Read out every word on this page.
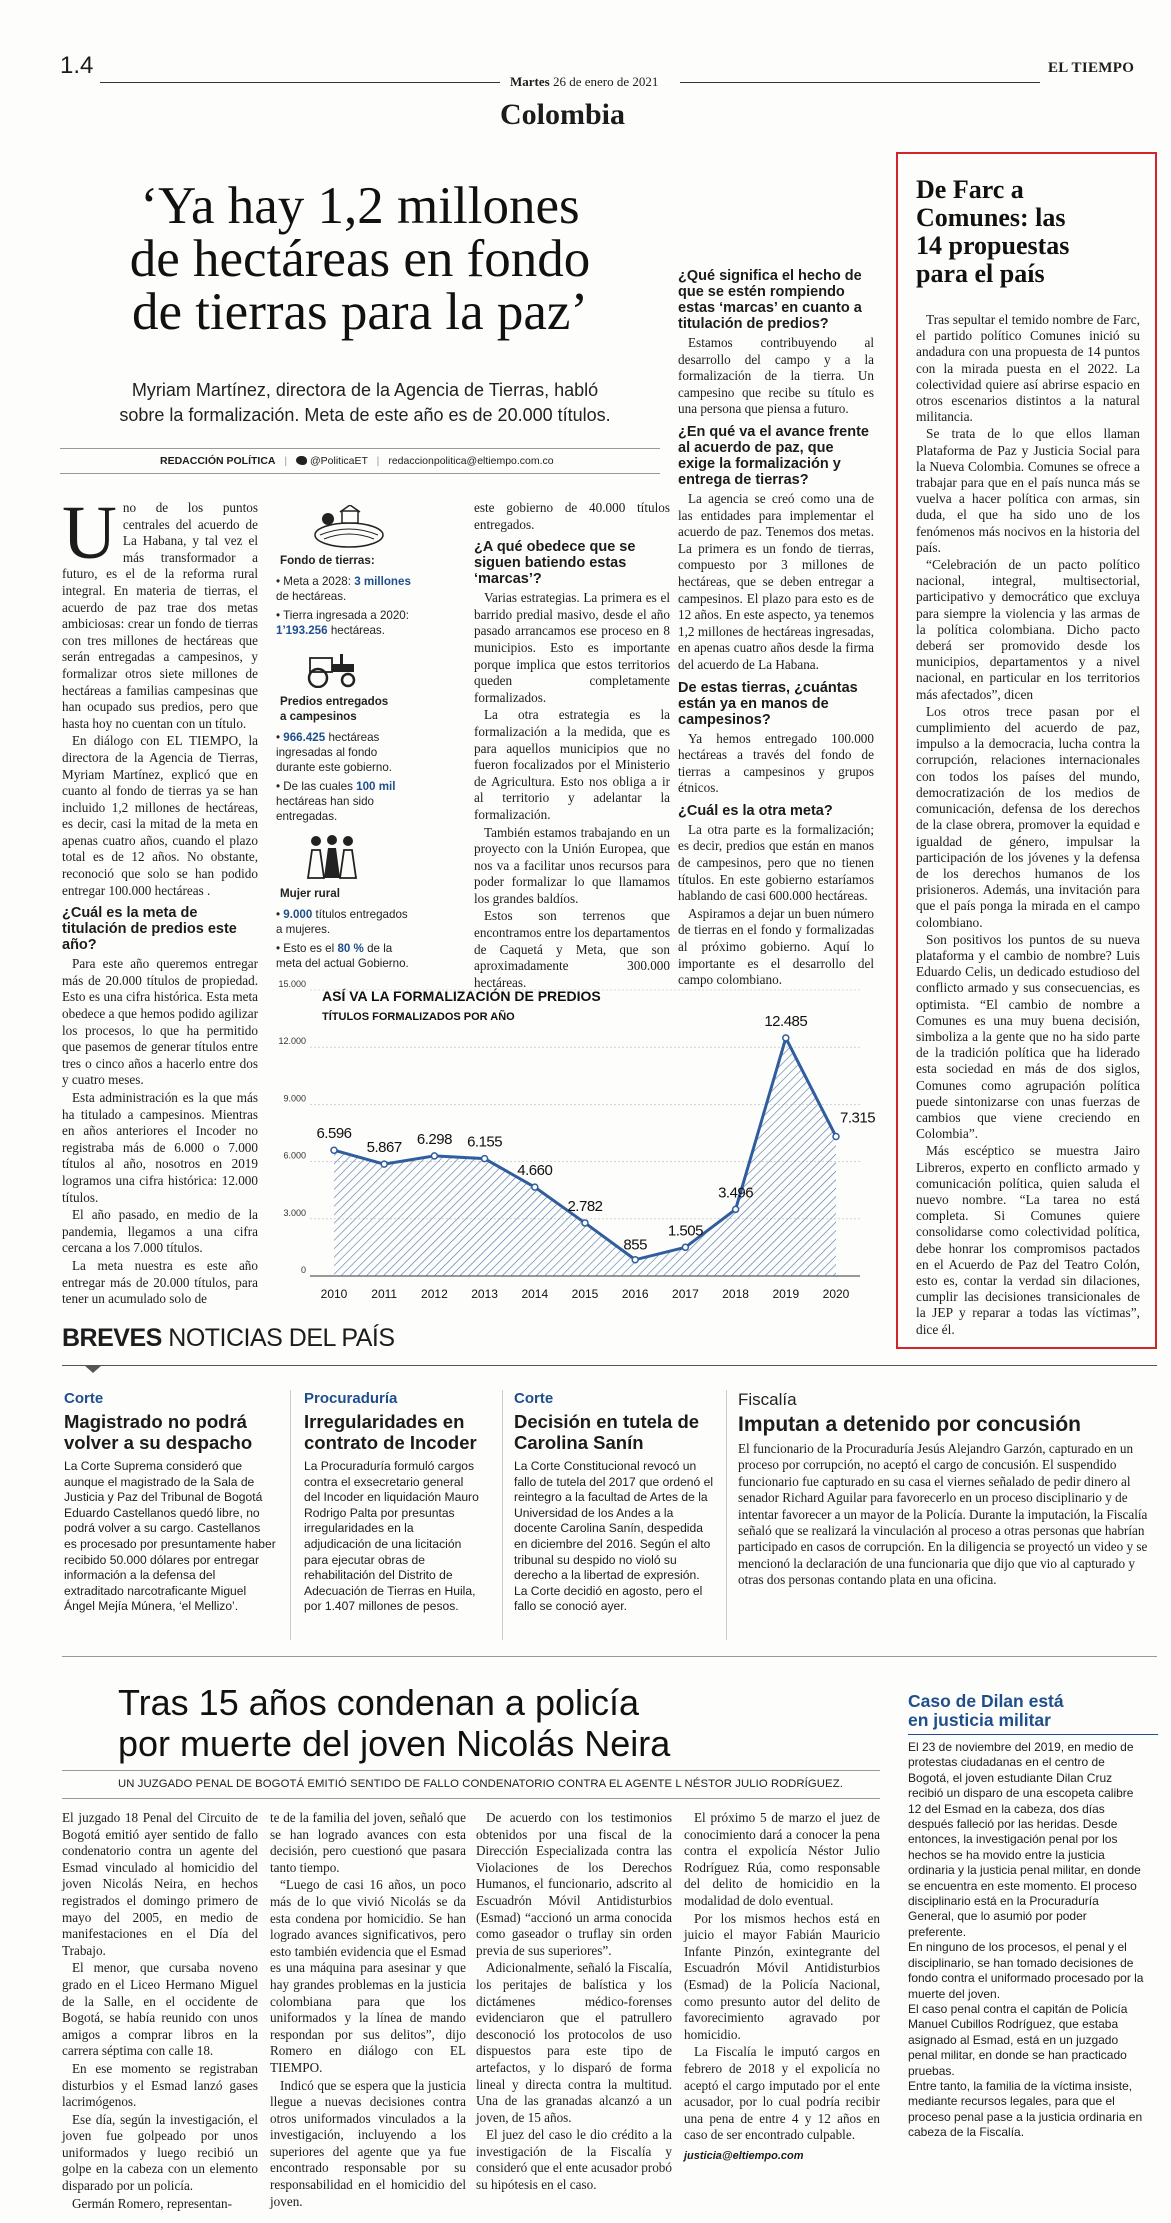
1.4
Martes 26 de enero de 2021
EL TIEMPO
Colombia
‘Ya hay 1,2 millones
de hectáreas en fondo
de tierras para la paz’
Myriam Martínez, directora de la Agencia de Tierras, habló
sobre la formalización. Meta de este año es de 20.000 títulos.
REDACCIÓN POLÍTICA | @PoliticaET | redaccionpolitica@eltiempo.com.co
U no de los puntos centrales del acuerdo de La Habana, y tal vez el más transformador a futuro, es el de la reforma rural integral. En materia de tierras, el acuerdo de paz trae dos metas ambiciosas: crear un fondo de tierras con tres millones de hectáreas que serán entregadas a campesinos, y formalizar otros siete millones de hectáreas a familias campesinas que han ocupado sus predios, pero que hasta hoy no cuentan con un título.

En diálogo con EL TIEMPO, la directora de la Agencia de Tierras, Myriam Martínez, explicó que en cuanto al fondo de tierras ya se han incluido 1,2 millones de hectáreas, es decir, casi la mitad de la meta en apenas cuatro años, cuando el plazo total es de 12 años. No obstante, reconoció que solo se han podido entregar 100.000 hectáreas .

¿Cuál es la meta de titulación de predios este año?

Para este año queremos entregar más de 20.000 títulos de propiedad. Esto es una cifra histórica. Esta meta obedece a que hemos podido agilizar los procesos, lo que ha permitido que pasemos de generar títulos entre tres o cinco años a hacerlo entre dos y cuatro meses.

Esta administración es la que más ha titulado a campesinos. Mientras en años anteriores el Incoder no registraba más de 6.000 o 7.000 títulos al año, nosotros en 2019 logramos una cifra histórica: 12.000 títulos.

El año pasado, en medio de la pandemia, llegamos a una cifra cercana a los 7.000 títulos.

La meta nuestra es este año entregar más de 20.000 títulos, para tener un acumulado solo de

Fondo de tierras:
• Meta a 2028: 3 millones de hectáreas.
• Tierra ingresada a 2020: 1’193.256 hectáreas.
Predios entregados
a campesinos
• 966.425 hectáreas ingresadas al fondo durante este gobierno.
• De las cuales 100 mil hectáreas han sido entregadas.
Mujer rural
• 9.000 títulos entregados a mujeres.
• Esto es el 80 % de la meta del actual Gobierno.

este gobierno de 40.000 títulos entregados.

¿A qué obedece que se siguen batiendo estas ‘marcas’?

Varias estrategias. La primera es el barrido predial masivo, desde el año pasado arrancamos ese proceso en 8 municipios. Esto es importante porque implica que estos territorios queden completamente formalizados.

La otra estrategia es la formalización a la medida, que es para aquellos municipios que no fueron focalizados por el Ministerio de Agricultura. Esto nos obliga a ir al territorio y adelantar la formalización.

También estamos trabajando en un proyecto con la Unión Europea, que nos va a facilitar unos recursos para poder formalizar lo que llamamos los grandes baldíos.

Estos son terrenos que encontramos entre los departamentos de Caquetá y Meta, que son aproximadamente 300.000 hectáreas.

¿Qué significa el hecho de que se estén rompiendo estas ‘marcas’ en cuanto a titulación de predios?

Estamos contribuyendo al desarrollo del campo y a la formalización de la tierra. Un campesino que recibe su título es una persona que piensa a futuro.

¿En qué va el avance frente al acuerdo de paz, que exige la formalización y entrega de tierras?

La agencia se creó como una de las entidades para implementar el acuerdo de paz. Tenemos dos metas. La primera es un fondo de tierras, compuesto por 3 millones de hectáreas, que se deben entregar a campesinos. El plazo para esto es de 12 años. En este aspecto, ya tenemos 1,2 millones de hectáreas ingresadas, en apenas cuatro años desde la firma del acuerdo de La Habana.

De estas tierras, ¿cuántas están ya en manos de campesinos?

Ya hemos entregado 100.000 hectáreas a través del fondo de tierras a campesinos y grupos étnicos.

¿Cuál es la otra meta?

La otra parte es la formalización; es decir, predios que están en manos de campesinos, pero que no tienen títulos. En este gobierno estaríamos hablando de casi 600.000 hectáreas.

Aspiramos a dejar un buen número de tierras en el fondo y formalizadas al próximo gobierno. Aquí lo importante es el desarrollo del campo colombiano.

0
3.000
6.000
9.000
12.000
15.000
6.596
2010
5.867
2011
6.298
2012
6.155
2013
4.660
2014
2.782
2015
855
2016
1.505
2017
3.496
2018
12.485
2019
7.315
2020
ASÍ VA LA FORMALIZACIÓN DE PREDIOS
TÍTULOS FORMALIZADOS POR AÑO
De Farc a
Comunes: las
14 propuestas
para el país

Tras sepultar el temido nombre de Farc, el partido político Comunes inició su andadura con una propuesta de 14 puntos con la mirada puesta en el 2022. La colectividad quiere así abrirse espacio en otros escenarios distintos a la natural militancia.

Se trata de lo que ellos llaman Plataforma de Paz y Justicia Social para la Nueva Colombia. Comunes se ofrece a trabajar para que en el país nunca más se vuelva a hacer política con armas, sin duda, el que ha sido uno de los fenómenos más nocivos en la historia del país.

“Celebración de un pacto político nacional, integral, multisectorial, participativo y democrático que excluya para siempre la violencia y las armas de la política colombiana. Dicho pacto deberá ser promovido desde los municipios, departamentos y a nivel nacional, en particular en los territorios más afectados”, dicen

Los otros trece pasan por el cumplimiento del acuerdo de paz, impulso a la democracia, lucha contra la corrupción, relaciones internacionales con todos los países del mundo, democratización de los medios de comunicación, defensa de los derechos de la clase obrera, promover la equidad e igualdad de género, impulsar la participación de los jóvenes y la defensa de los derechos humanos de los prisioneros. Además, una invitación para que el país ponga la mirada en el campo colombiano.

Son positivos los puntos de su nueva plataforma y el cambio de nombre? Luis Eduardo Celis, un dedicado estudioso del conflicto armado y sus consecuencias, es optimista. “El cambio de nombre a Comunes es una muy buena decisión, simboliza a la gente que no ha sido parte de la tradición política que ha liderado esta sociedad en más de dos siglos, Comunes como agrupación política puede sintonizarse con unas fuerzas de cambios que viene creciendo en Colombia”.

Más escéptico se muestra Jairo Libreros, experto en conflicto armado y comunicación política, quien saluda el nuevo nombre. “La tarea no está completa. Si Comunes quiere consolidarse como colectividad política, debe honrar los compromisos pactados en el Acuerdo de Paz del Teatro Colón, esto es, contar la verdad sin dilaciones, cumplir las decisiones transicionales de la JEP y reparar a todas las víctimas”, dice él.

BREVES NOTICIAS DEL PAÍS
Corte
Magistrado no podrá volver a su despacho

La Corte Suprema consideró que aunque el magistrado de la Sala de Justicia y Paz del Tribunal de Bogotá Eduardo Castellanos quedó libre, no podrá volver a su cargo. Castellanos es procesado por presuntamente haber recibido 50.000 dólares por entregar información a la defensa del extraditado narcotraficante Miguel Ángel Mejía Múnera, ‘el Mellizo’.

Procuraduría
Irregularidades en contrato de Incoder

La Procuraduría formuló cargos contra el exsecretario general del Incoder en liquidación Mauro Rodrigo Palta por presuntas irregularidades en la adjudicación de una licitación para ejecutar obras de rehabilitación del Distrito de Adecuación de Tierras en Huila, por 1.407 millones de pesos.

Corte
Decisión en tutela de Carolina Sanín

La Corte Constitucional revocó un fallo de tutela del 2017 que ordenó el reintegro a la facultad de Artes de la Universidad de los Andes a la docente Carolina Sanín, despedida en diciembre del 2016. Según el alto tribunal su despido no violó su derecho a la libertad de expresión. La Corte decidió en agosto, pero el fallo se conoció ayer.

Fiscalía
Imputan a detenido por concusión

El funcionario de la Procuraduría Jesús Alejandro Garzón, capturado en un proceso por corrupción, no aceptó el cargo de concusión. El suspendido funcionario fue capturado en su casa el viernes señalado de pedir dinero al senador Richard Aguilar para favorecerlo en un proceso disciplinario y de intentar favorecer a un mayor de la Policía. Durante la imputación, la Fiscalía señaló que se realizará la vinculación al proceso a otras personas que habrían participado en casos de corrupción. En la diligencia se proyectó un video y se mencionó la declaración de una funcionaria que dijo que vio al capturado y otras dos personas contando plata en una oficina.

Tras 15 años condenan a policía
por muerte del joven Nicolás Neira
UN JUZGADO PENAL DE BOGOTÁ EMITIÓ SENTIDO DE FALLO CONDENATORIO CONTRA EL AGENTE L NÉSTOR JULIO RODRÍGUEZ.

El juzgado 18 Penal del Circuito de Bogotá emitió ayer sentido de fallo condenatorio contra un agente del Esmad vinculado al homicidio del joven Nicolás Neira, en hechos registrados el domingo primero de mayo del 2005, en medio de manifestaciones en el Día del Trabajo.

El menor, que cursaba noveno grado en el Liceo Hermano Miguel de la Salle, en el occidente de Bogotá, se había reunido con unos amigos a comprar libros en la carrera séptima con calle 18.

En ese momento se registraban disturbios y el Esmad lanzó gases lacrimógenos.

Ese día, según la investigación, el joven fue golpeado por unos uniformados y luego recibió un golpe en la cabeza con un elemento disparado por un policía.

Germán Romero, representan-

te de la familia del joven, señaló que se han logrado avances con esta decisión, pero cuestionó que pasara tanto tiempo.

“Luego de casi 16 años, un poco más de lo que vivió Nicolás se da esta condena por homicidio. Se han logrado avances significativos, pero esto también evidencia que el Esmad es una máquina para asesinar y que hay grandes problemas en la justicia colombiana para que los uniformados y la línea de mando respondan por sus delitos”, dijo Romero en diálogo con EL TIEMPO.

Indicó que se espera que la justicia llegue a nuevas decisiones contra otros uniformados vinculados a la investigación, incluyendo a los superiores del agente que ya fue encontrado responsable por su responsabilidad en el homicidio del joven.

De acuerdo con los testimonios obtenidos por una fiscal de la Dirección Especializada contra las Violaciones de los Derechos Humanos, el funcionario, adscrito al Escuadrón Móvil Antidisturbios (Esmad) “accionó un arma conocida como gaseador o truflay sin orden previa de sus superiores”.

Adicionalmente, señaló la Fiscalía, los peritajes de balística y los dictámenes médico-forenses evidenciaron que el patrullero desconoció los protocolos de uso dispuestos para este tipo de artefactos, y lo disparó de forma lineal y directa contra la multitud. Una de las granadas alcanzó a un joven, de 15 años.

El juez del caso le dio crédito a la investigación de la Fiscalía y consideró que el ente acusador probó su hipótesis en el caso.

El próximo 5 de marzo el juez de conocimiento dará a conocer la pena contra el expolicía Néstor Julio Rodríguez Rúa, como responsable del delito de homicidio en la modalidad de dolo eventual.

Por los mismos hechos está en juicio el mayor Fabián Mauricio Infante Pinzón, exintegrante del Escuadrón Móvil Antidisturbios (Esmad) de la Policía Nacional, como presunto autor del delito de favorecimiento agravado por homicidio.

La Fiscalía le imputó cargos en febrero de 2018 y el expolicía no aceptó el cargo imputado por el ente acusador, por lo cual podría recibir una pena de entre 4 y 12 años en caso de ser encontrado culpable.

justicia@eltiempo.com
Caso de Dilan está
en justicia militar

El 23 de noviembre del 2019, en medio de protestas ciudadanas en el centro de Bogotá, el joven estudiante Dilan Cruz recibió un disparo de una escopeta calibre 12 del Esmad en la cabeza, dos días después falleció por las heridas. Desde entonces, la investigación penal por los hechos se ha movido entre la justicia ordinaria y la justicia penal militar, en donde se encuentra en este momento. El proceso disciplinario está en la Procuraduría General, que lo asumió por poder preferente.

En ninguno de los procesos, el penal y el disciplinario, se han tomado decisiones de fondo contra el uniformado procesado por la muerte del joven.

El caso penal contra el capitán de Policía Manuel Cubillos Rodríguez, que estaba asignado al Esmad, está en un juzgado penal militar, en donde se han practicado pruebas.

Entre tanto, la familia de la víctima insiste, mediante recursos legales, para que el proceso penal pase a la justicia ordinaria en cabeza de la Fiscalía.
